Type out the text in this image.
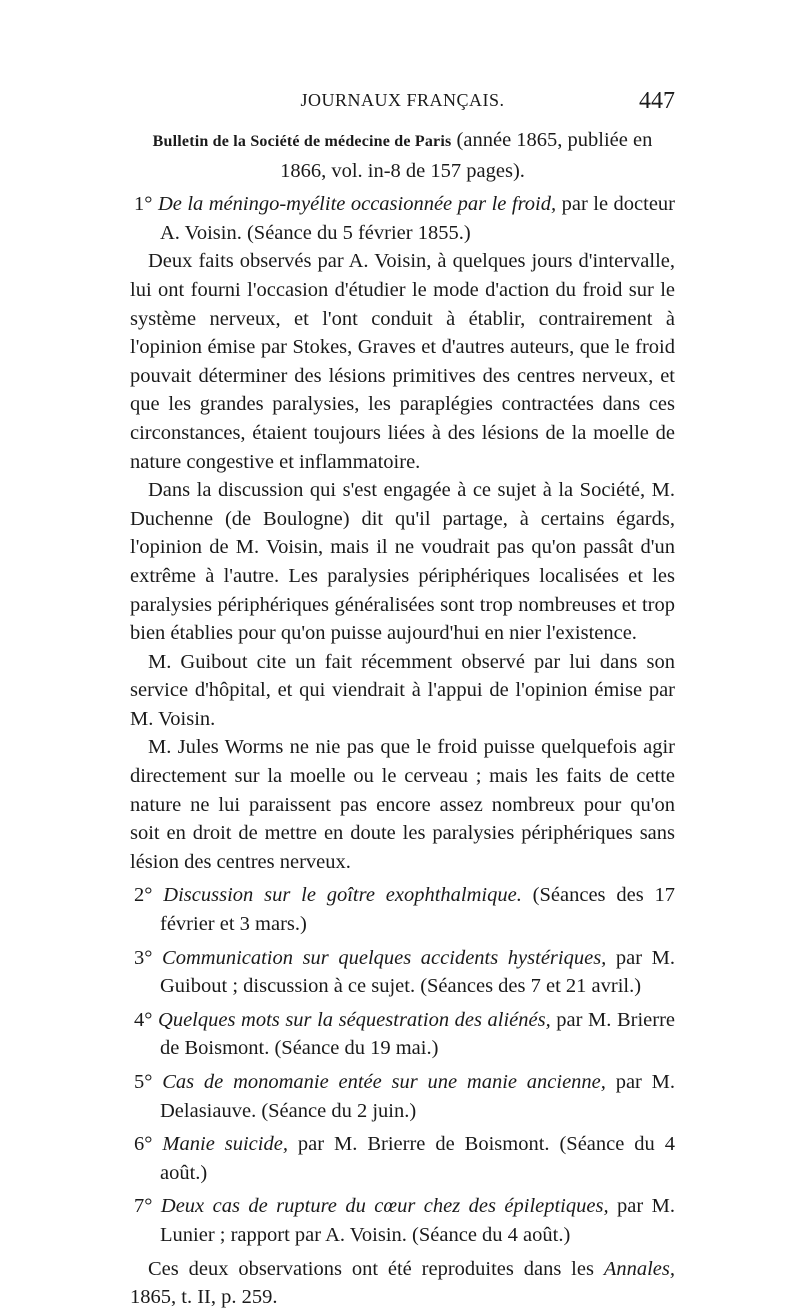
JOURNAUX FRANÇAIS.	447

Bulletin de la Société de médecine de Paris (année 1865, publiée en 1866, vol. in-8 de 157 pages).

1° De la méningo-myélite occasionnée par le froid, par le docteur A. Voisin. (Séance du 5 février 1855.)

Deux faits observés par A. Voisin, à quelques jours d'intervalle, lui ont fourni l'occasion d'étudier le mode d'action du froid sur le système nerveux, et l'ont conduit à établir, contrairement à l'opinion émise par Stokes, Graves et d'autres auteurs, que le froid pouvait déterminer des lésions primitives des centres nerveux, et que les grandes paralysies, les paraplégies contractées dans ces circonstances, étaient toujours liées à des lésions de la moelle de nature congestive et inflammatoire.

Dans la discussion qui s'est engagée à ce sujet à la Société, M. Duchenne (de Boulogne) dit qu'il partage, à certains égards, l'opinion de M. Voisin, mais il ne voudrait pas qu'on passât d'un extrême à l'autre. Les paralysies périphériques localisées et les paralysies périphériques généralisées sont trop nombreuses et trop bien établies pour qu'on puisse aujourd'hui en nier l'existence.

M. Guibout cite un fait récemment observé par lui dans son service d'hôpital, et qui viendrait à l'appui de l'opinion émise par M. Voisin.

M. Jules Worms ne nie pas que le froid puisse quelquefois agir directement sur la moelle ou le cerveau ; mais les faits de cette nature ne lui paraissent pas encore assez nombreux pour qu'on soit en droit de mettre en doute les paralysies périphériques sans lésion des centres nerveux.

2° Discussion sur le goître exophthalmique. (Séances des 17 février et 3 mars.)

3° Communication sur quelques accidents hystériques, par M. Guibout ; discussion à ce sujet. (Séances des 7 et 21 avril.)

4° Quelques mots sur la séquestration des aliénés, par M. Brierre de Boismont. (Séance du 19 mai.)

5° Cas de monomanie entée sur une manie ancienne, par M. Delasiauve. (Séance du 2 juin.)

6° Manie suicide, par M. Brierre de Boismont. (Séance du 4 août.)

7° Deux cas de rupture du cœur chez des épileptiques, par M. Lunier ; rapport par A. Voisin. (Séance du 4 août.)

Ces deux observations ont été reproduites dans les Annales, 1865, t. II, p. 259.
